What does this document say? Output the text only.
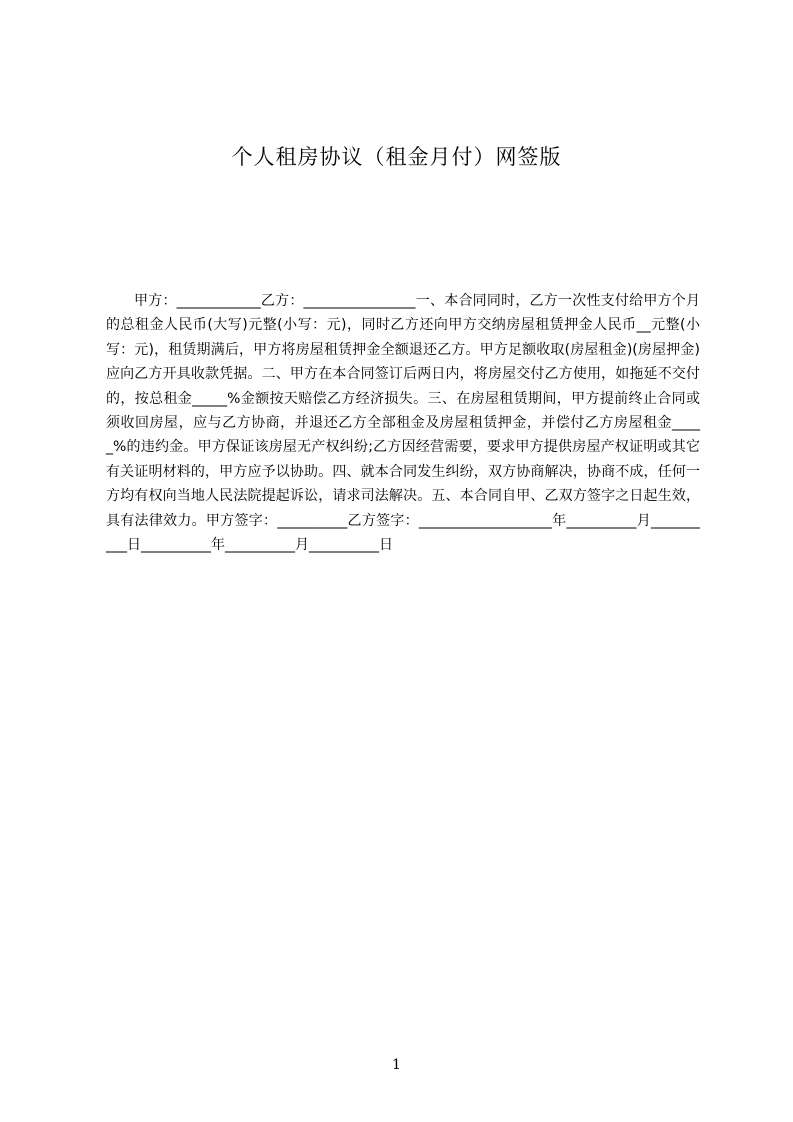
个人租房协议（租金月付）网签版

甲方：____________乙方：________________一、本合同同时，乙方一次性支付给甲方个月的总租金人民币(大写)元整(小写：元)，同时乙方还向甲方交纳房屋租赁押金人民币__元整(小写：元)，租赁期满后，甲方将房屋租赁押金全额退还乙方。甲方足额收取(房屋租金)(房屋押金)应向乙方开具收款凭据。二、甲方在本合同签订后两日内，将房屋交付乙方使用，如拖延不交付的，按总租金_____%金额按天赔偿乙方经济损失。三、在房屋租赁期间，甲方提前终止合同或须收回房屋，应与乙方协商，并退还乙方全部租金及房屋租赁押金，并偿付乙方房屋租金_____%的违约金。甲方保证该房屋无产权纠纷;乙方因经营需要，要求甲方提供房屋产权证明或其它有关证明材料的，甲方应予以协助。四、就本合同发生纠纷，双方协商解决，协商不成，任何一方均有权向当地人民法院提起诉讼，请求司法解决。五、本合同自甲、乙双方签字之日起生效，具有法律效力。甲方签字：__________乙方签字：___________________年__________月__________日__________年__________月__________日

1
